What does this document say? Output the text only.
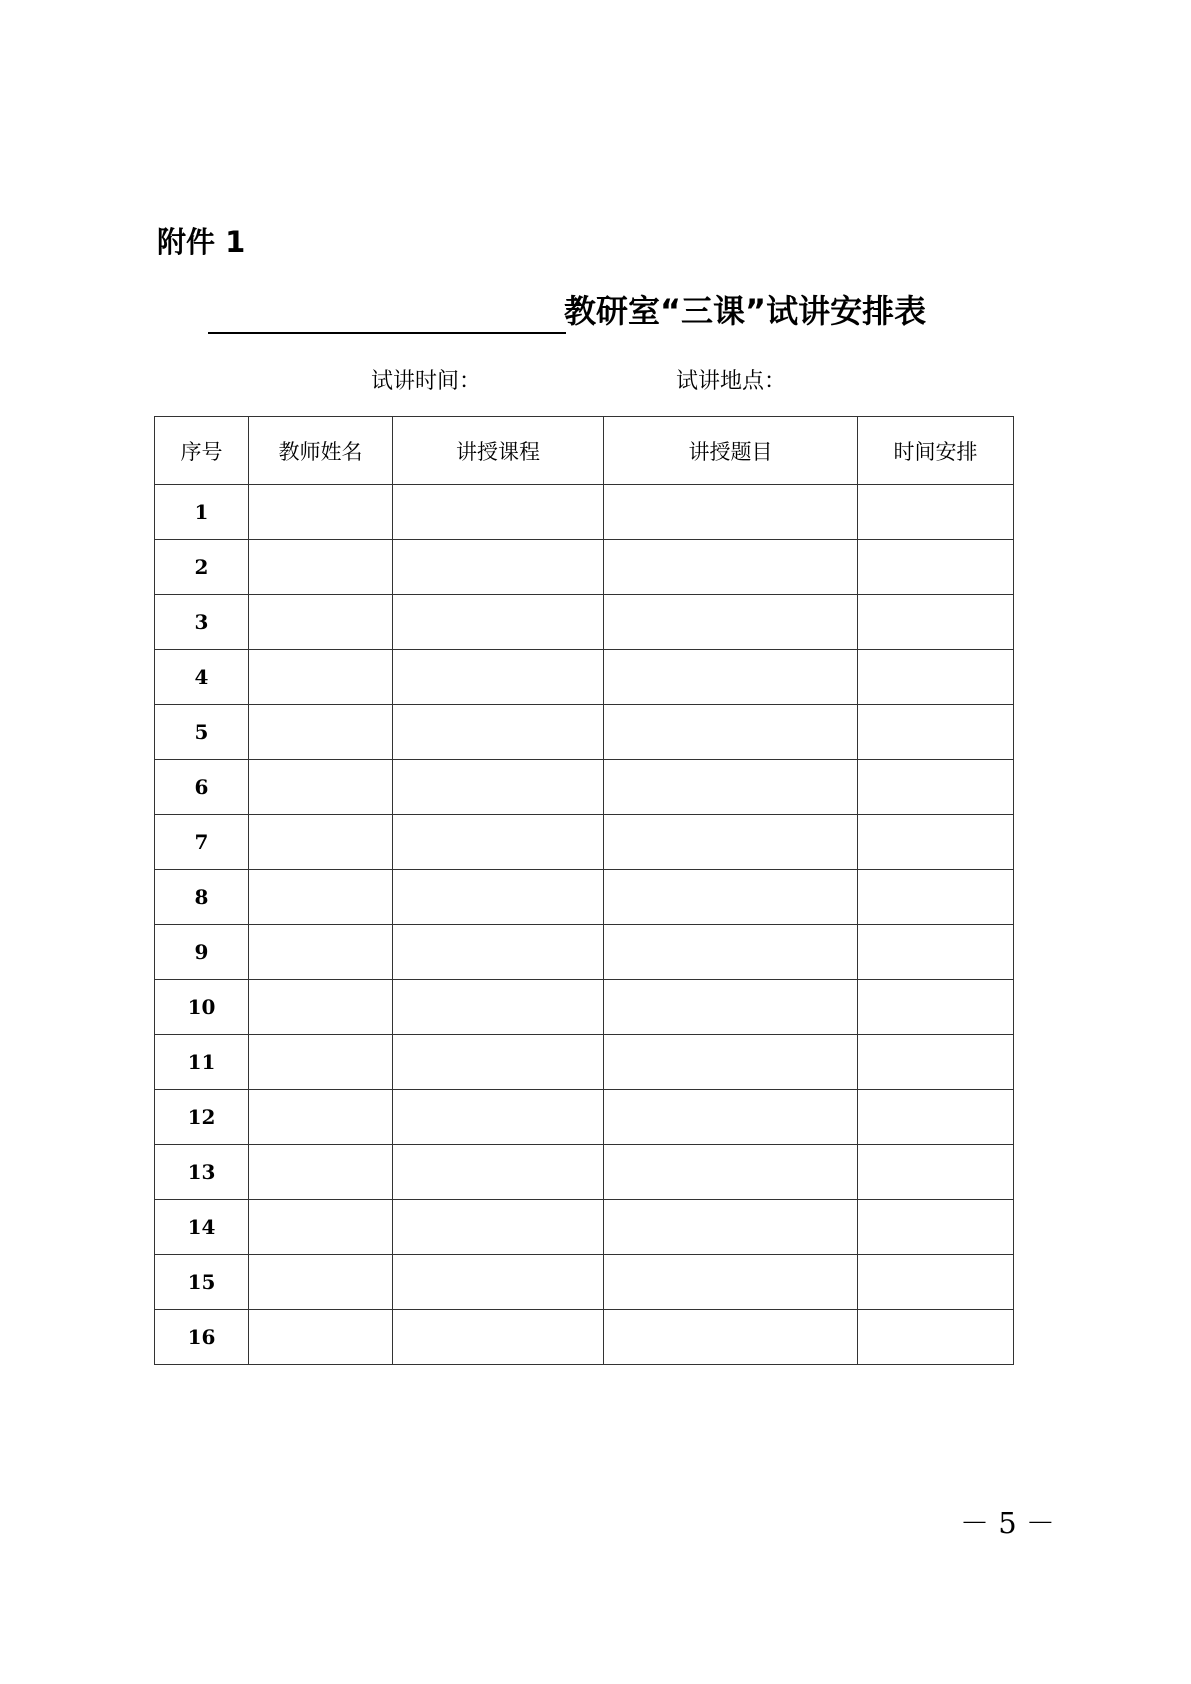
附件 1
教研室“三课”试讲安排表
试讲时间：	试讲地点：
序号	教师姓名	讲授课程	讲授题目	时间安排
1				
2				
3				
4				
5				
6				
7				
8				
9				
10				
11				
12				
13				
14				
15				
16				
－ 5 －
